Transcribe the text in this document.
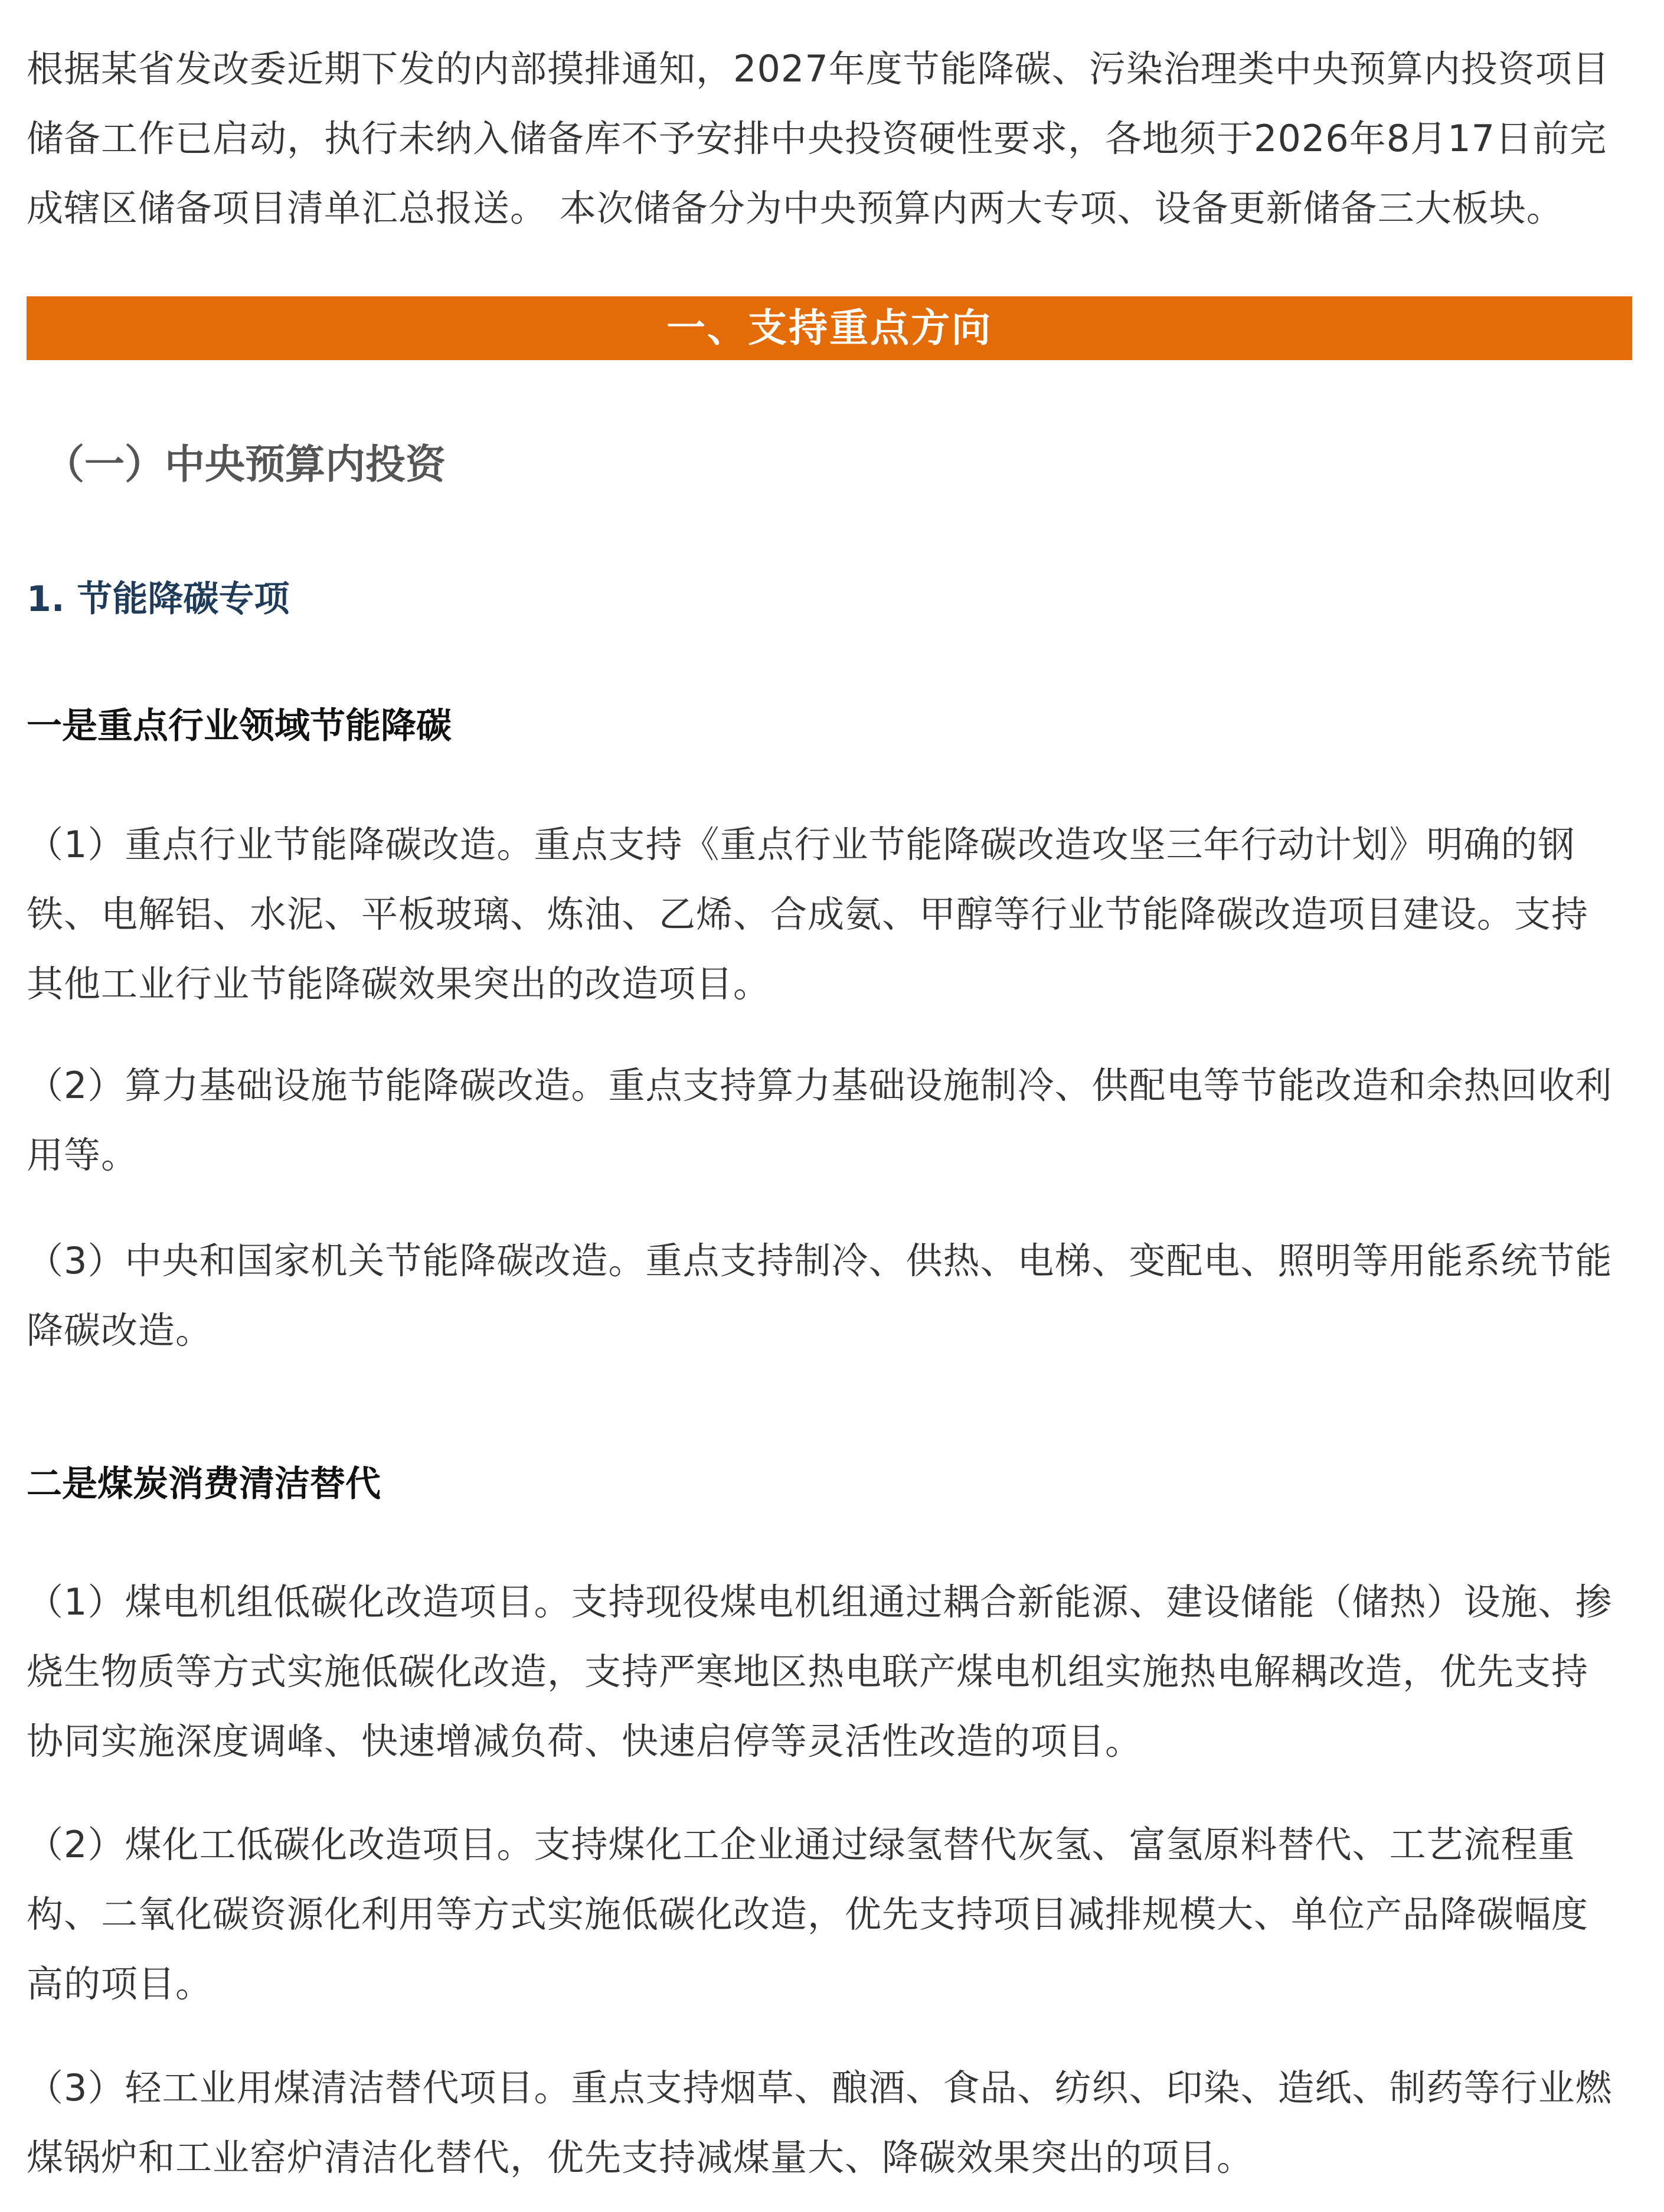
根据某省发改委近期下发的内部摸排通知，2027年度节能降碳、污染治理类中央预算内投资项目储备工作已启动，执行未纳入储备库不予安排中央投资硬性要求，各地须于2026年8月17日前完成辖区储备项目清单汇总报送。 本次储备分为中央预算内两大专项、设备更新储备三大板块。

一、支持重点方向
（一）中央预算内投资
1. 节能降碳专项
一是重点行业领域节能降碳

（1）重点行业节能降碳改造。重点支持《重点行业节能降碳改造攻坚三年行动计划》明确的钢铁、电解铝、水泥、平板玻璃、炼油、乙烯、合成氨、甲醇等行业节能降碳改造项目建设。支持其他工业行业节能降碳效果突出的改造项目。

（2）算力基础设施节能降碳改造。重点支持算力基础设施制冷、供配电等节能改造和余热回收利用等。

（3）中央和国家机关节能降碳改造。重点支持制冷、供热、电梯、变配电、照明等用能系统节能降碳改造。

二是煤炭消费清洁替代

（1）煤电机组低碳化改造项目。支持现役煤电机组通过耦合新能源、建设储能（储热）设施、掺烧生物质等方式实施低碳化改造，支持严寒地区热电联产煤电机组实施热电解耦改造，优先支持协同实施深度调峰、快速增减负荷、快速启停等灵活性改造的项目。

（2）煤化工低碳化改造项目。支持煤化工企业通过绿氢替代灰氢、富氢原料替代、工艺流程重构、二氧化碳资源化利用等方式实施低碳化改造，优先支持项目减排规模大、单位产品降碳幅度高的项目。

（3）轻工业用煤清洁替代项目。重点支持烟草、酿酒、食品、纺织、印染、造纸、制药等行业燃煤锅炉和工业窑炉清洁化替代，优先支持减煤量大、降碳效果突出的项目。
